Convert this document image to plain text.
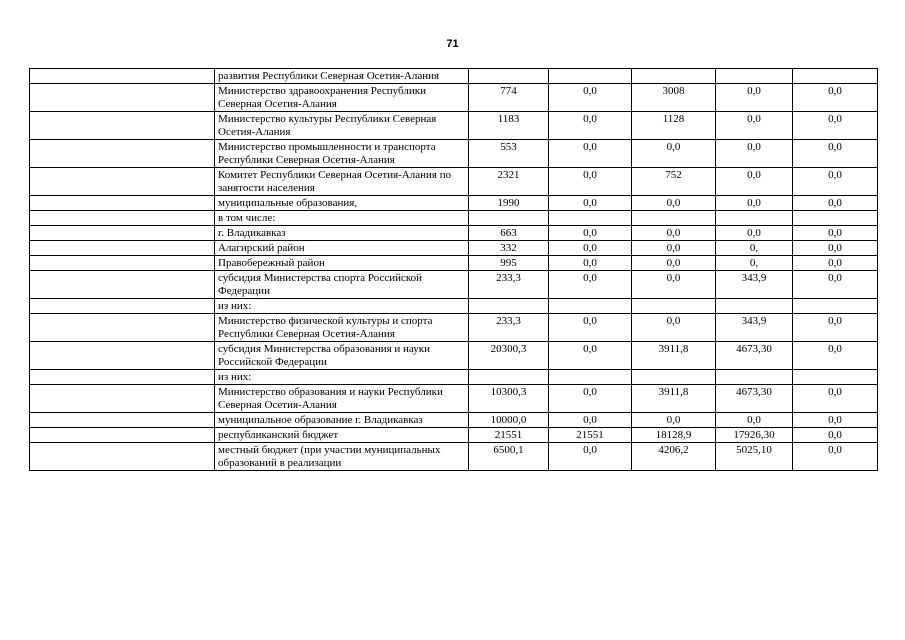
71
	развития Республики Северная Осетия-Алания					
	Министерство здравоохранения Республики Северная Осетия-Алания	774	0,0	3008	0,0	0,0
	Министерство культуры Республики Северная Осетия-Алания	1183	0,0	1128	0,0	0,0
	Министерство промышленности и транспорта Республики Северная Осетия-Алания	553	0,0	0,0	0,0	0,0
	Комитет Республики Северная Осетия-Алания по занятости населения	2321	0,0	752	0,0	0,0
	муниципальные образования,	1990	0,0	0,0	0,0	0,0
	в том числе:					
	г. Владикавказ	663	0,0	0,0	0,0	0,0
	Алагирский район	332	0,0	0,0	0,	0,0
	Правобережный район	995	0,0	0,0	0,	0,0
	субсидия Министерства спорта Российской Федерации	233,3	0,0	0,0	343,9	0,0
	из них:					
	Министерство физической культуры и спорта Республики Северная Осетия-Алания	233,3	0,0	0,0	343,9	0,0
	субсидия Министерства образования и науки Российской Федерации	20300,3	0,0	3911,8	4673,30	0,0
	из них:					
	Министерство образования и науки Республики Северная Осетия-Алания	10300,3	0,0	3911,8	4673,30	0,0
	муниципальное образование г. Владикавказ	10000,0	0,0	0,0	0,0	0,0
	республиканский бюджет	21551	21551	18128,9	17926,30	0,0
	местный бюджет (при участии муниципальных образований в реализации	6500,1	0,0	4206,2	5025,10	0,0
